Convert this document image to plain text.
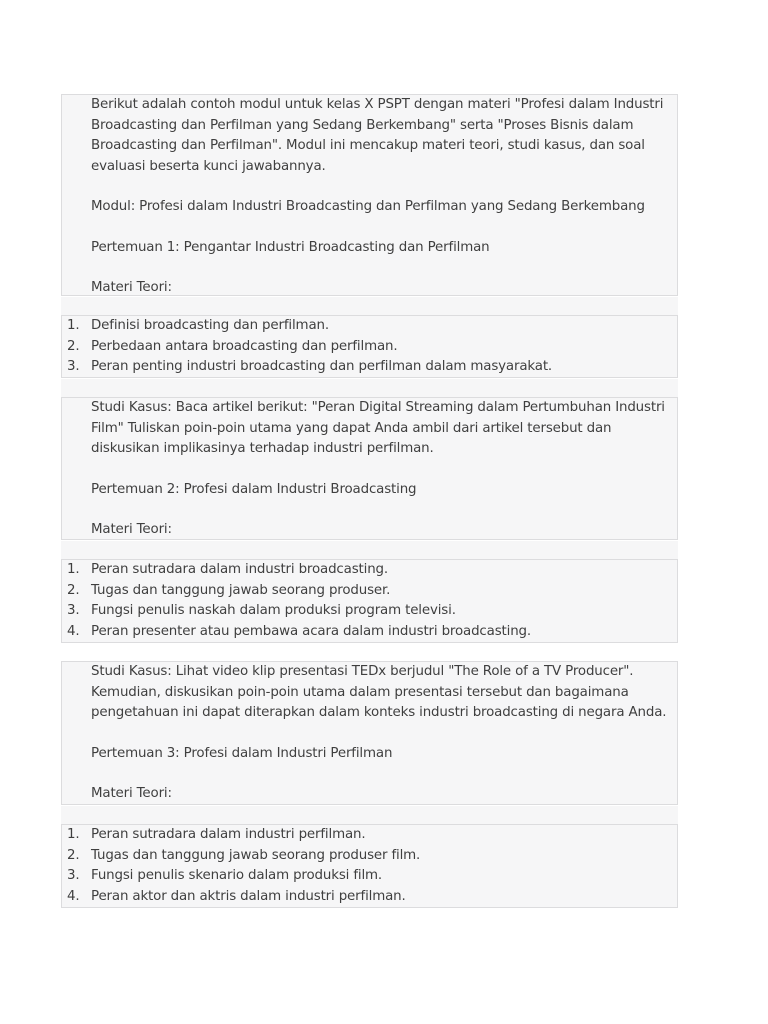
Berikut adalah contoh modul untuk kelas X PSPT dengan materi "Profesi dalam Industri Broadcasting dan Perfilman yang Sedang Berkembang" serta "Proses Bisnis dalam Broadcasting dan Perfilman". Modul ini mencakup materi teori, studi kasus, dan soal evaluasi beserta kunci jawabannya.

Modul: Profesi dalam Industri Broadcasting dan Perfilman yang Sedang Berkembang

Pertemuan 1: Pengantar Industri Broadcasting dan Perfilman

Materi Teori:

1. Definisi broadcasting dan perfilman.
2. Perbedaan antara broadcasting dan perfilman.
3. Peran penting industri broadcasting dan perfilman dalam masyarakat.

Studi Kasus: Baca artikel berikut: "Peran Digital Streaming dalam Pertumbuhan Industri Film" Tuliskan poin-poin utama yang dapat Anda ambil dari artikel tersebut dan diskusikan implikasinya terhadap industri perfilman.

Pertemuan 2: Profesi dalam Industri Broadcasting

Materi Teori:

1. Peran sutradara dalam industri broadcasting.
2. Tugas dan tanggung jawab seorang produser.
3. Fungsi penulis naskah dalam produksi program televisi.
4. Peran presenter atau pembawa acara dalam industri broadcasting.

Studi Kasus: Lihat video klip presentasi TEDx berjudul "The Role of a TV Producer". Kemudian, diskusikan poin-poin utama dalam presentasi tersebut dan bagaimana pengetahuan ini dapat diterapkan dalam konteks industri broadcasting di negara Anda.

Pertemuan 3: Profesi dalam Industri Perfilman

Materi Teori:

1. Peran sutradara dalam industri perfilman.
2. Tugas dan tanggung jawab seorang produser film.
3. Fungsi penulis skenario dalam produksi film.
4. Peran aktor dan aktris dalam industri perfilman.
